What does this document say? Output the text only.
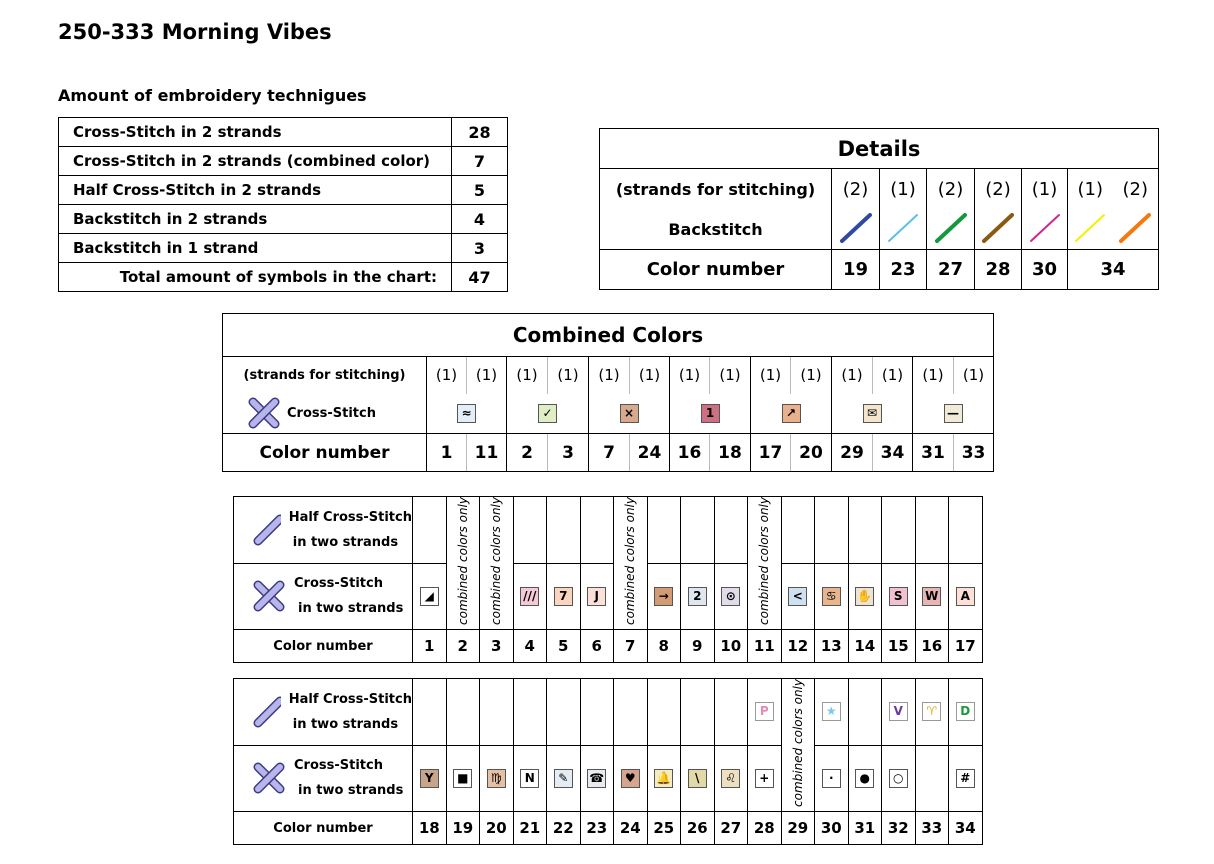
250-333 Morning Vibes
Amount of embroidery technigues
Cross-Stitch in 2 strands	28
Cross-Stitch in 2 strands (combined color)	7
Half Cross-Stitch in 2 strands	5
Backstitch in 2 strands	4
Backstitch in 1 strand	3
Total amount of symbols in the chart:	47
Details							
(strands for stitching)	(2)	(1)	(2)	(2)	(1)	(1)	(2)
Backstitch							
Color number	19	23	27	28	30	34	
Combined Colors														
(strands for stitching)	(1)	(1)	(1)	(1)	(1)	(1)	(1)	(1)	(1)	(1)	(1)	(1)	(1)	(1)

Cross-Stitch	≈		✓		×		1		↗		✉		—	
Color number	1	11	2	3	7	24	16	18	17	20	29	34	31	33
Half Cross-Stitch
in two strands		combined colors only	combined colors only				combined colors only				combined colors only						

Cross-Stitch
in two strands	◢			///	7	J		→	2	⊙		<	♋	✋	S	W	A
Color number	1	2	3	4	5	6	7	8	9	10	11	12	13	14	15	16	17
Half Cross-Stitch
in two strands											P	combined colors only	★		V	♈	D

Cross-Stitch
in two strands	Y	■	♍	N	✎	☎	♥	🔔	\	♌	+		·	●	○		#
Color number	18	19	20	21	22	23	24	25	26	27	28	29	30	31	32	33	34
